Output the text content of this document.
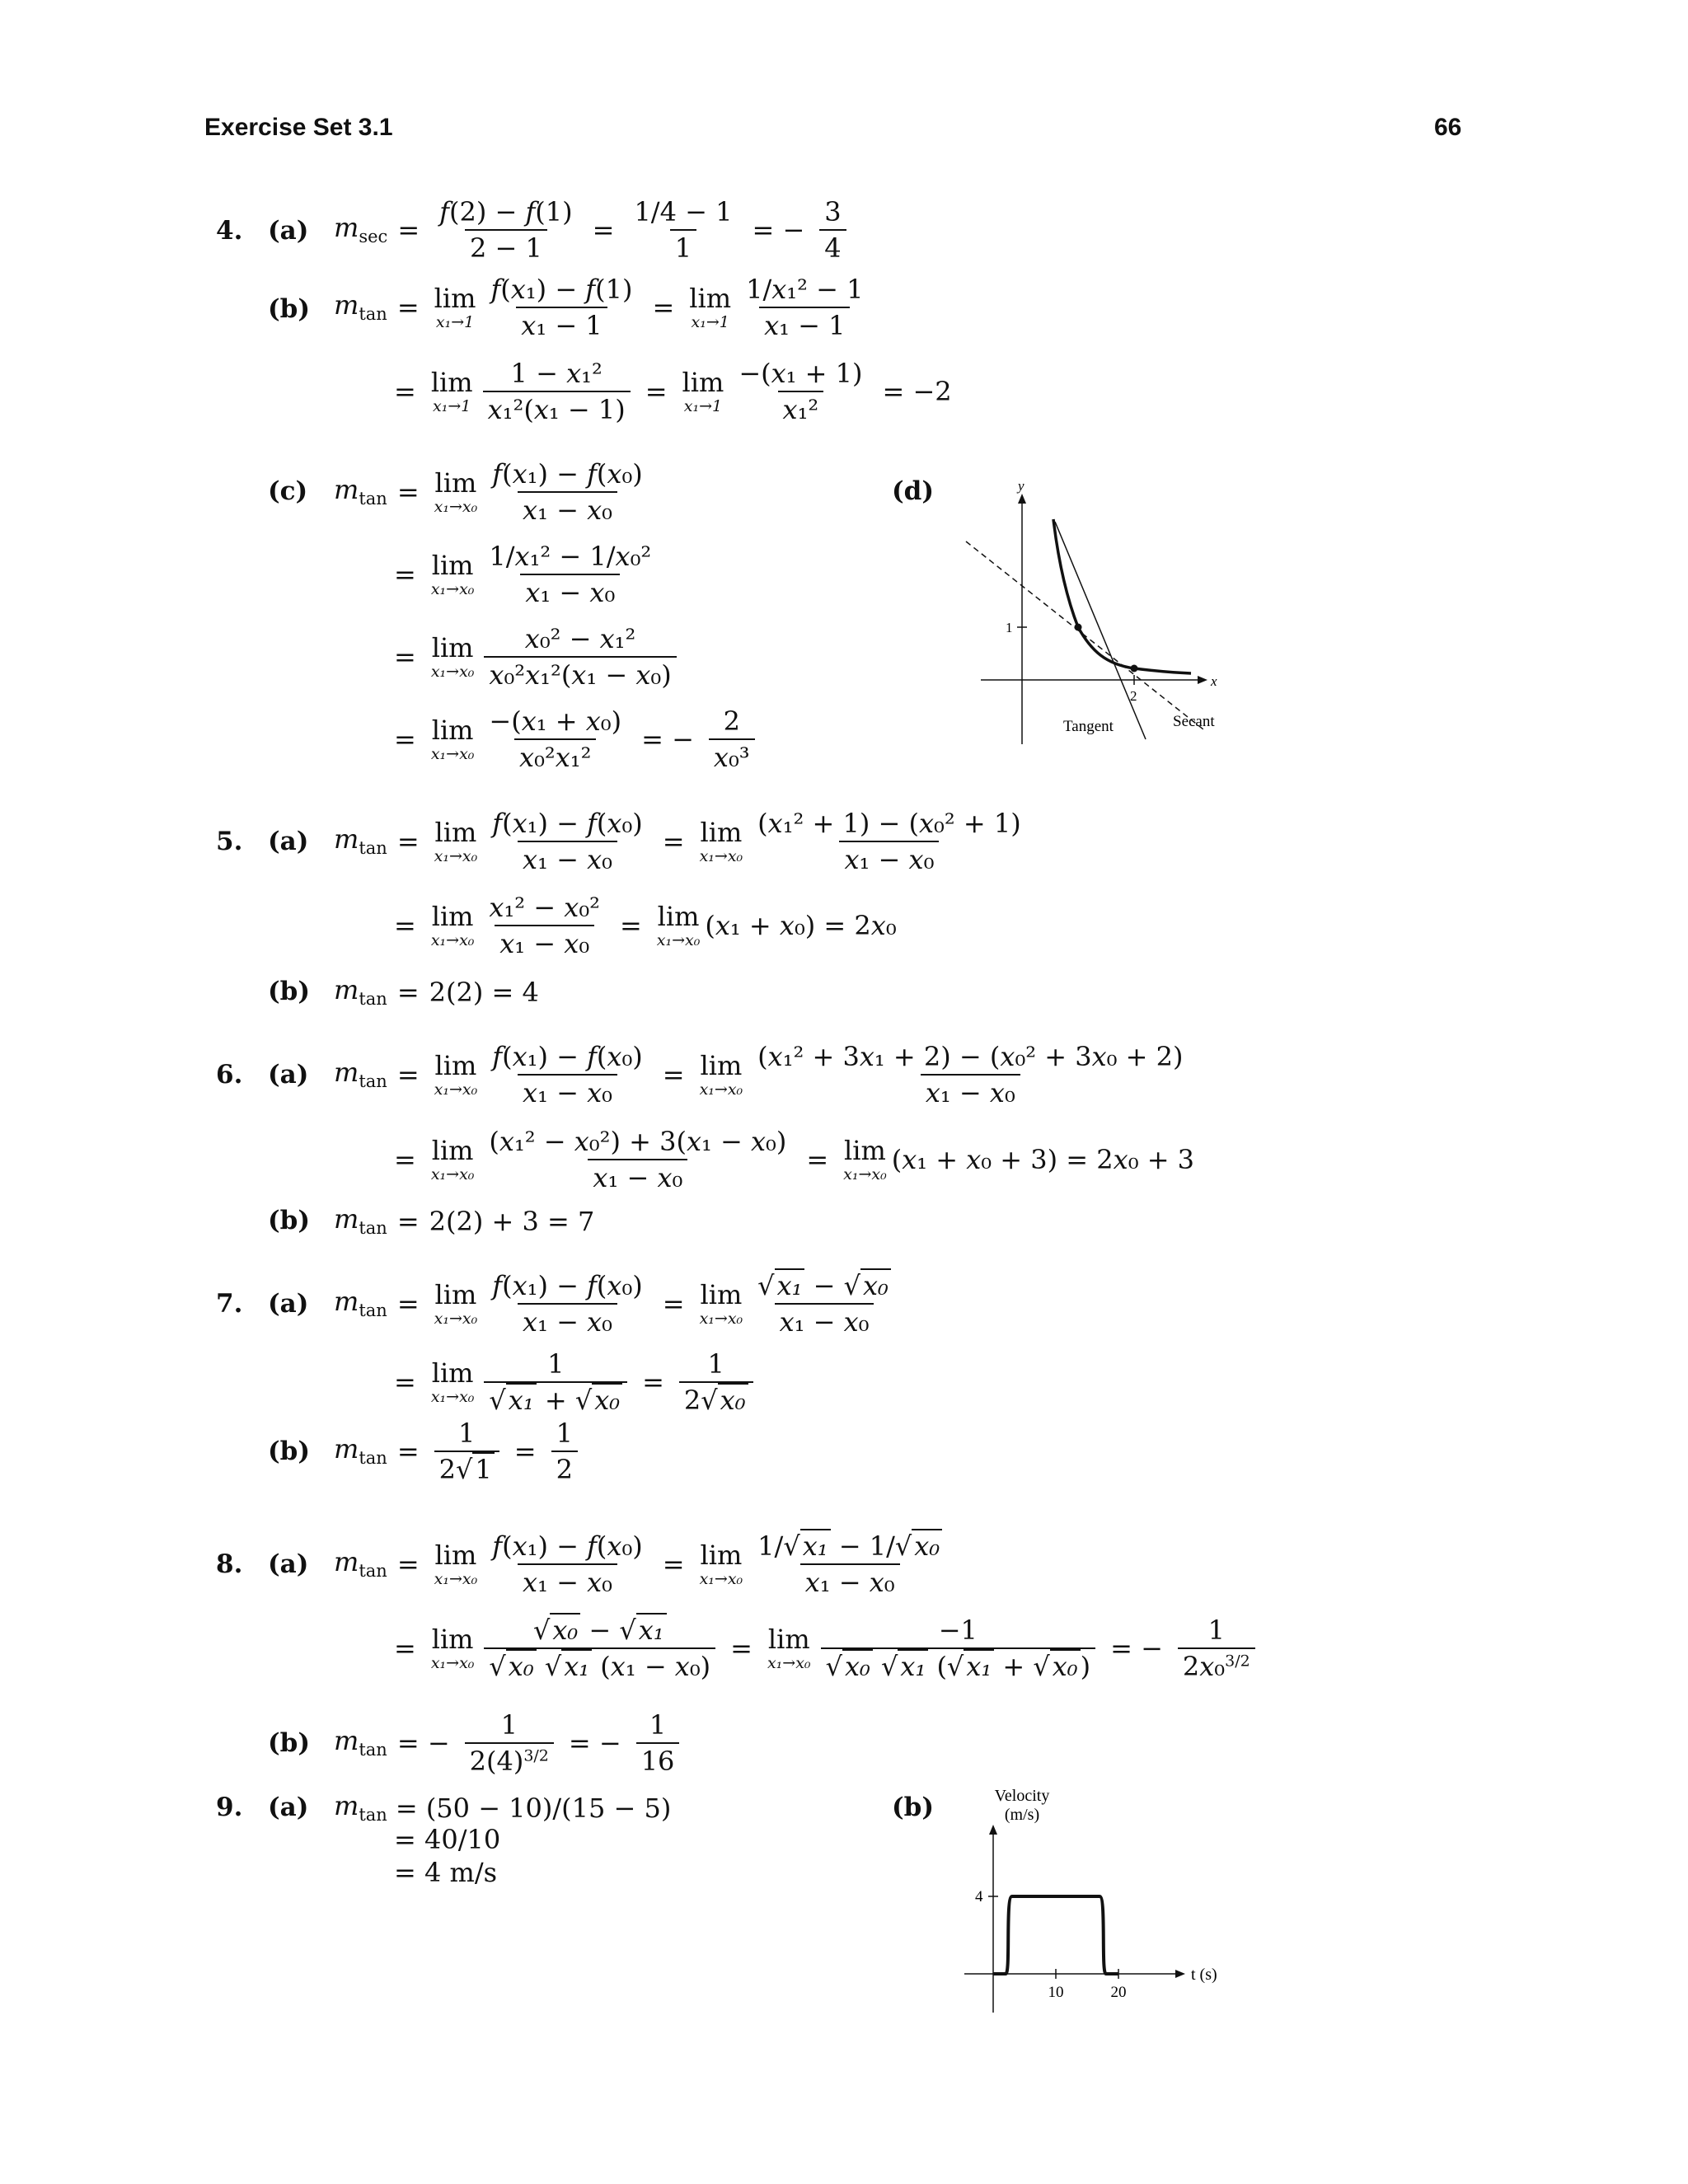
Exercise Set 3.1	66
4. (a) $m_{sec} = \frac{f(2) - f(1)}{2 - 1} = \frac{1/4 - 1}{1}$ = − $\frac{3}{4}$
(b) $m_{tan} = \lim$
$x_1\to 1 \frac{\text{f(x₁) − f(1)}}{\text{x₁ − 1}} = \lim$
x₁→1
1/x₁² − 1
x₁ − 1
= lim
$x_1\to 1 \frac{\text{1 − x₁²}}{\text{x₁²(x₁ − 1)}} = \lim$
$x_1\to 1 \frac{\text{−(x₁ + 1)}}{\text{x₁²}} = -2$
(c) $m_{tan} = \lim$
x₁→x₀
f(x₁) − f(x₀)
x₁ − x₀
= lim
x₁→x₀
1/x₁² − 1/x₀²
x₁ − x₀
= lim
x₁→x₀
x₀² − x₁²
x₀²x₁²(x₁ − x₀)
= lim
$x_1\to x_0 \frac{\text{−(x₁ + x₀)}}{\text{x₀²x₁²}}$ = − $\frac{2}{\text{x₀³}}$
(d)	y
x
1
2
Tangent	Secant
5. (a) $m_{tan} = \lim$
$x_1\to x_0 \frac{\text{f(x₁) − f(x₀)}}{\text{x₁ − x₀}} = \lim$
x₁→x₀
(x₁² + 1) − (x₀² + 1)
x₁ − x₀
= lim
$x_1\to x_0 \frac{\text{x₁² − x₀²}}{\text{x₁ − x₀}} = \lim$
x₁→x₀ (x₁ + x₀) = 2x₀
(b) $m_{tan} = 2(2) = 4$
6. (a) $m_{tan} = \lim$
$x_1\to x_0 \frac{\text{f(x₁) − f(x₀)}}{\text{x₁ − x₀}} = \lim$
x₁→x₀
(x₁² + 3x₁ + 2) − (x₀² + 3x₀ + 2)
x₁ − x₀
= lim
$x_1\to x_0 \frac{\text{(x₁² − x₀²) + 3(x₁ − x₀)}}{\text{x₁ − x₀}} = \lim$
x₁→x₀ (x₁ + x₀ + 3) = 2x₀ + 3
(b) $m_{tan} = 2(2) + 3 = 7$
7. (a) $m_{tan} = \lim$
$x_1\to x_0 \frac{\text{f(x₁) − f(x₀)}}{\text{x₁ − x₀}} = \lim$
x₁→x₀
√x₁ − √x₀
x₁ − x₀
= lim
$x_1\to x_0 \frac{1}{\text{√x₁ + √x₀}} = \frac{1}{\text{2√x₀}}$
(b) $m_{tan} = \frac{1}{2√1} = \frac{1}{2}$
8. (a) $m_{tan} = \lim$
$x_1\to x_0 \frac{\text{f(x₁) − f(x₀)}}{\text{x₁ − x₀}} = \lim$
x₁→x₀
1/√x₁ − 1/√x₀
x₁ − x₀
= lim
$x_1\to x_0 \frac{\text{√x₀ − √x₁}}{\text{√x₀ √x₁ (x₁ − x₀)}} = \lim$
$x_1\to x_0 \frac{-1}{\text{√x₀ √x₁ (√x₁ + √x₀)}}$ = − $\frac{1}{2x_0^{3/2}}$
(b) $m_{tan}$ = − $\frac{1}{2(4)^{3/2}}$ = − $\frac{1}{16}$
9. (a) $m_{tan} = (50 - 10)/(15 - 5)$
= 40/10
= 4 m/s
(b)	Velocity
(m/s)
t (s)
4
10	20
